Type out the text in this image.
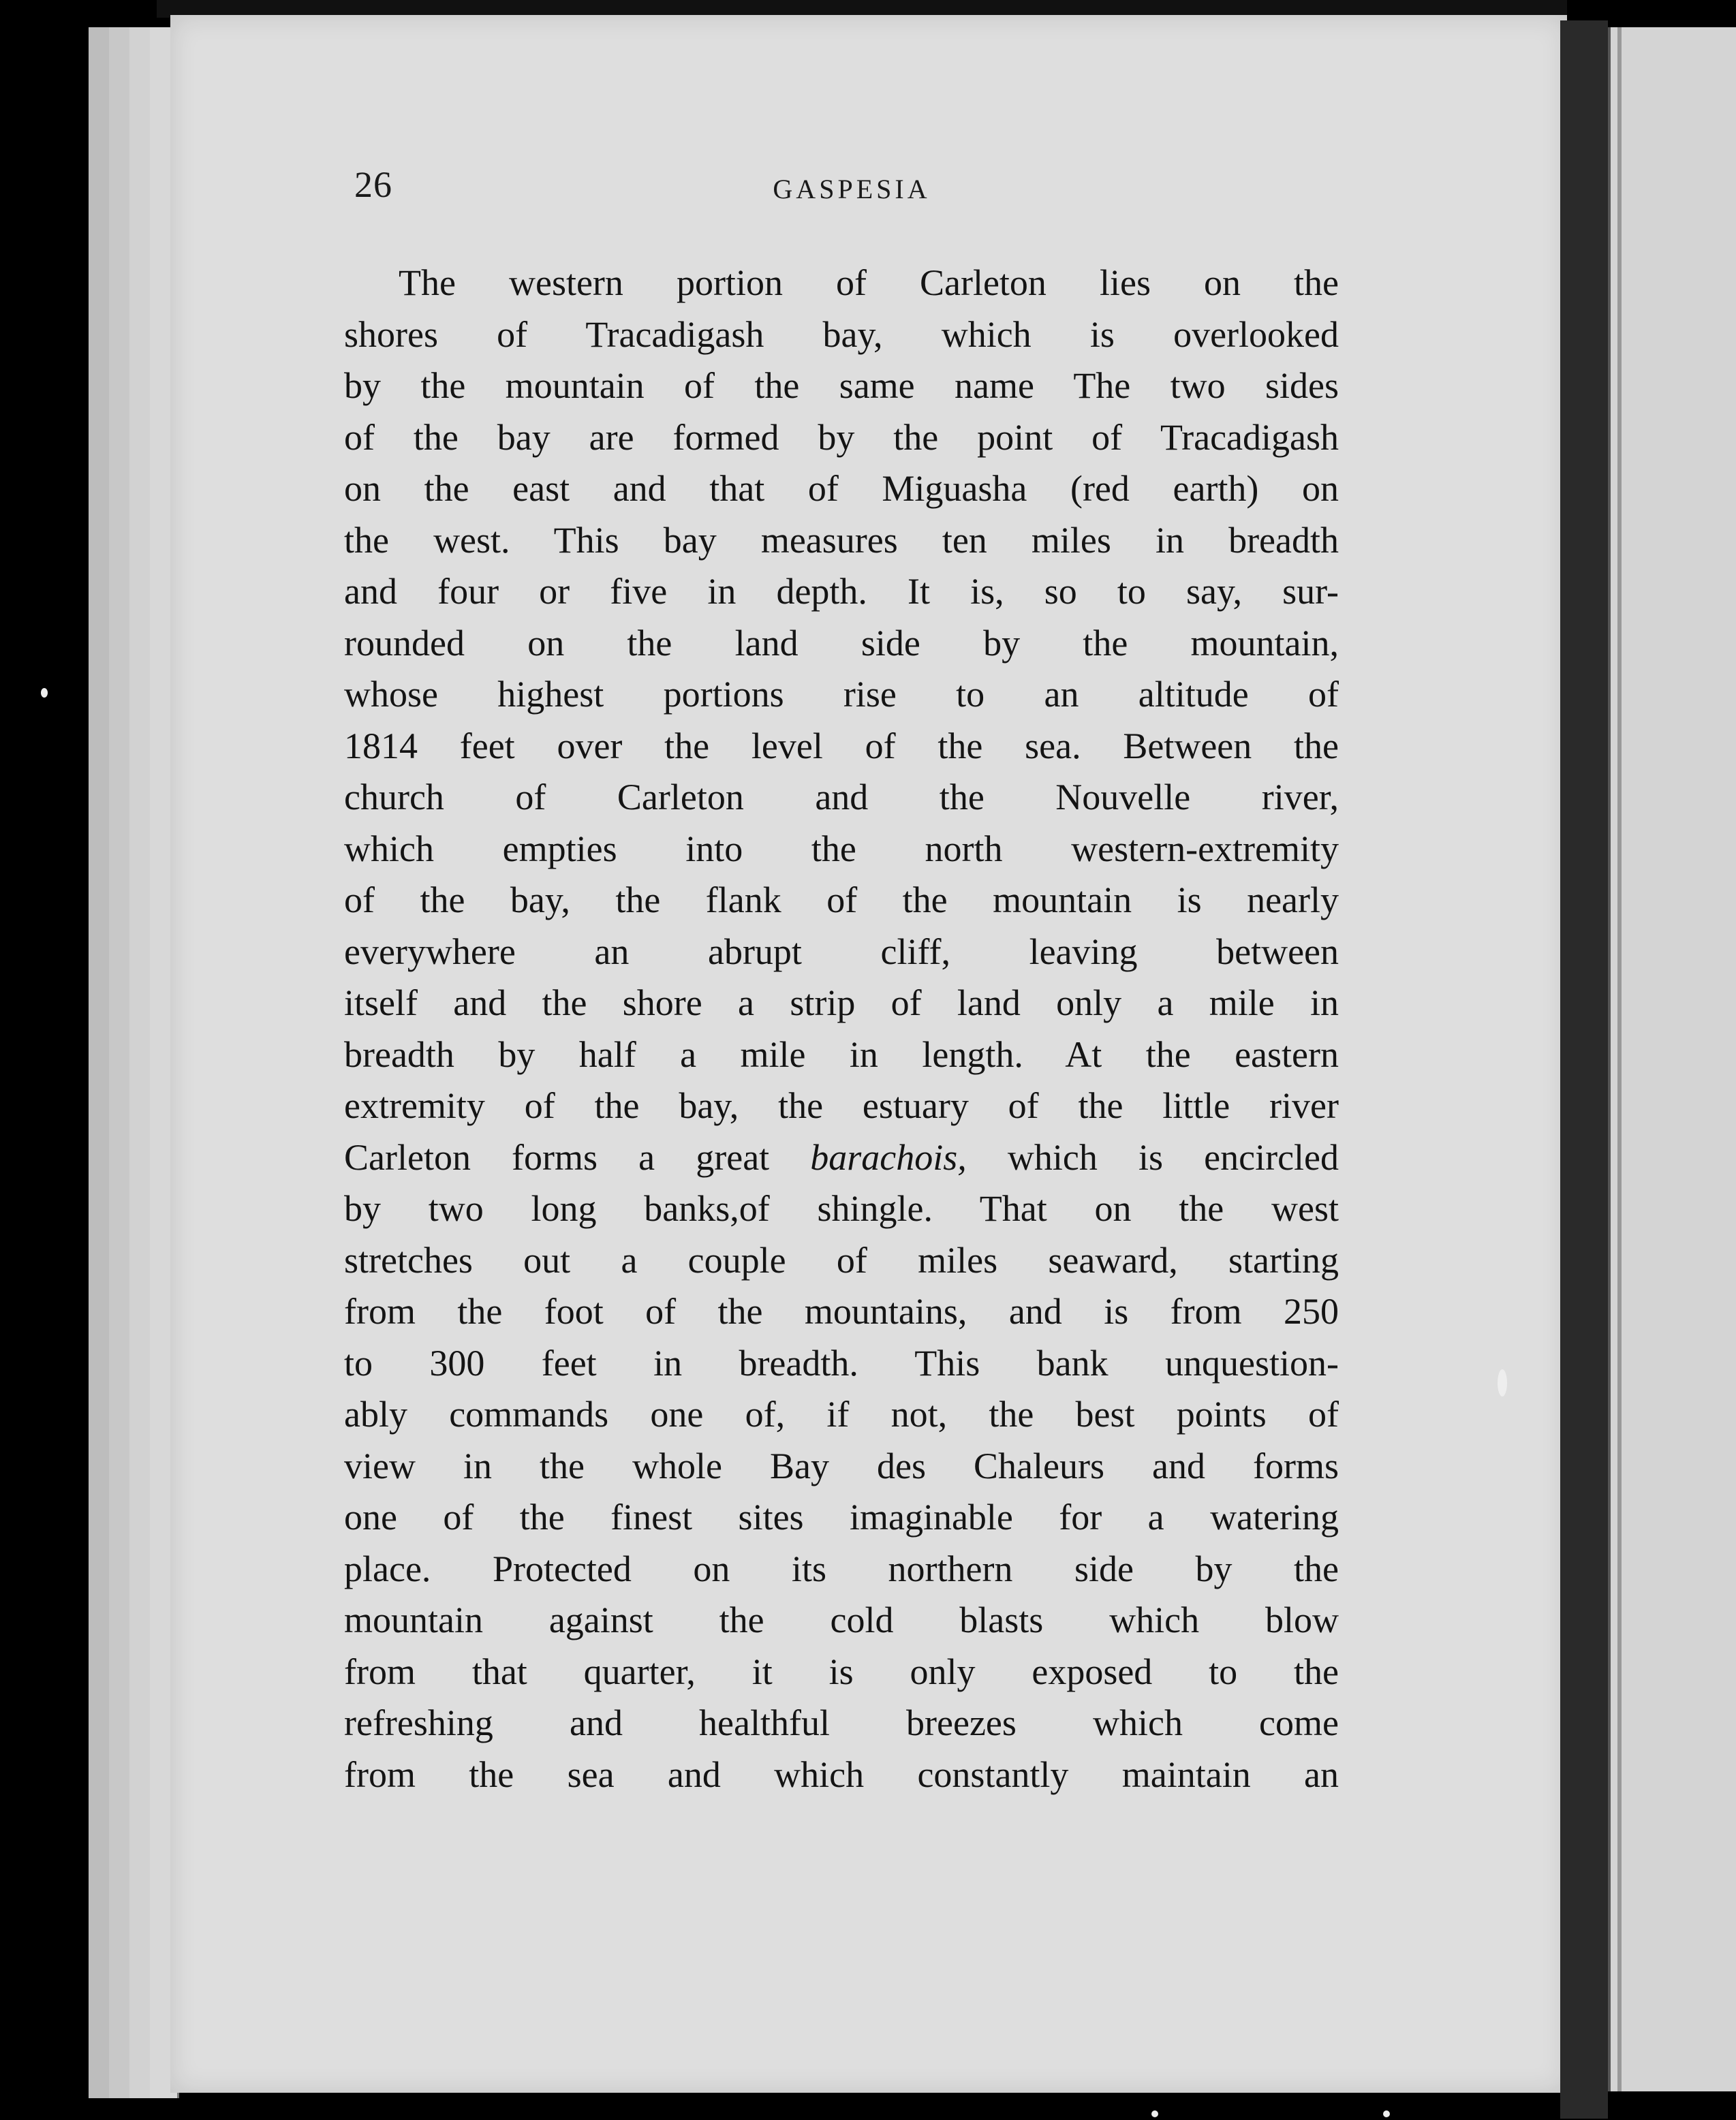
26	GASPESIA
The western portion of Carleton lies on the
shores of Tracadigash bay, which is overlooked
by the mountain of the same name The two sides
of the bay are formed by the point of Tracadigash
on the east and that of Miguasha (red earth) on
the west. This bay measures ten miles in breadth
and four or five in depth. It is, so to say, sur-
rounded on the land side by the mountain,
whose highest portions rise to an altitude of
1814 feet over the level of the sea. Between the
church of Carleton and the Nouvelle river,
which empties into the north western-extremity
of the bay, the flank of the mountain is nearly
everywhere an abrupt cliff, leaving between
itself and the shore a strip of land only a mile in
breadth by half a mile in length. At the eastern
extremity of the bay, the estuary of the little river
Carleton forms a great barachois, which is encircled
by two long banks,of shingle. That on the west
stretches out a couple of miles seaward, starting
from the foot of the mountains, and is from 250
to 300 feet in breadth. This bank unquestion-
ably commands one of, if not, the best points of
view in the whole Bay des Chaleurs and forms
one of the finest sites imaginable for a watering
place. Protected on its northern side by the
mountain against the cold blasts which blow
from that quarter, it is only exposed to the
refreshing and healthful breezes which come
from the sea and which constantly maintain an
